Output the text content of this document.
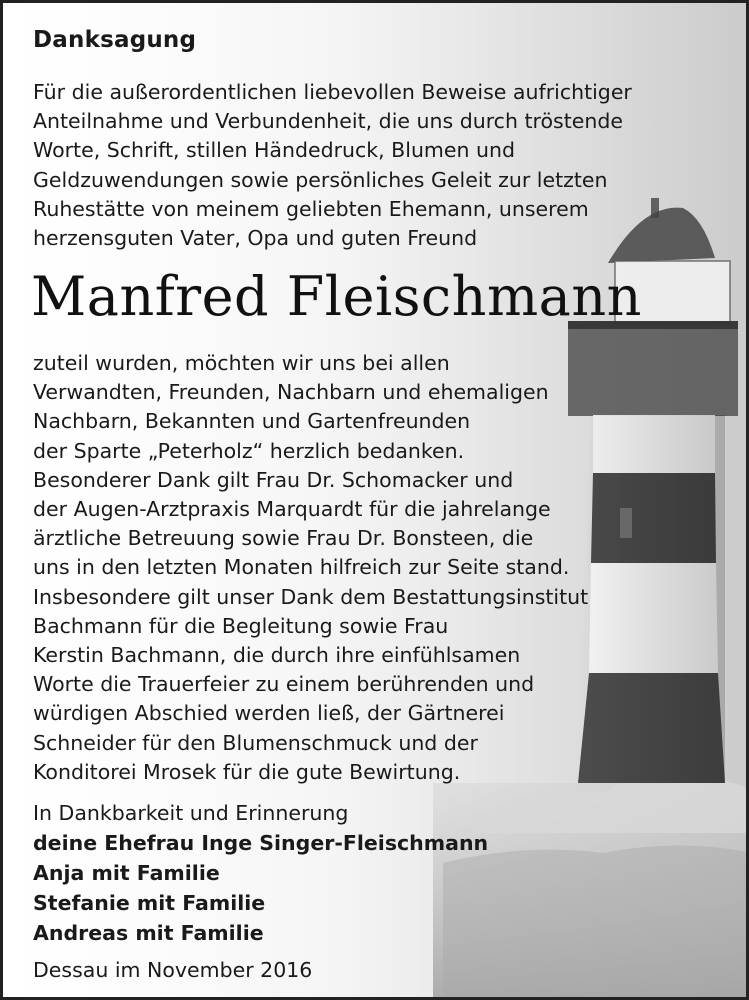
Danksagung

Für die außerordentlichen liebevollen Beweise aufrichtiger
Anteilnahme und Verbundenheit, die uns durch tröstende
Worte, Schrift, stillen Händedruck, Blumen und
Geldzuwendungen sowie persönliches Geleit zur letzten
Ruhestätte von meinem geliebten Ehemann, unserem
herzensguten Vater, Opa und guten Freund

Manfred Fleischmann

zuteil wurden, möchten wir uns bei allen
Verwandten, Freunden, Nachbarn und ehemaligen
Nachbarn, Bekannten und Gartenfreunden
der Sparte „Peterholz“ herzlich bedanken.
Besonderer Dank gilt Frau Dr. Schomacker und
der Augen-Arztpraxis Marquardt für die jahrelange
ärztliche Betreuung sowie Frau Dr. Bonsteen, die
uns in den letzten Monaten hilfreich zur Seite stand.
Insbesondere gilt unser Dank dem Bestattungsinstitut
Bachmann für die Begleitung sowie Frau
Kerstin Bachmann, die durch ihre einfühlsamen
Worte die Trauerfeier zu einem berührenden und
würdigen Abschied werden ließ, der Gärtnerei
Schneider für den Blumenschmuck und der
Konditorei Mrosek für die gute Bewirtung.

In Dankbarkeit und Erinnerung
deine Ehefrau Inge Singer-Fleischmann
Anja mit Familie
Stefanie mit Familie
Andreas mit Familie
Dessau im November 2016
